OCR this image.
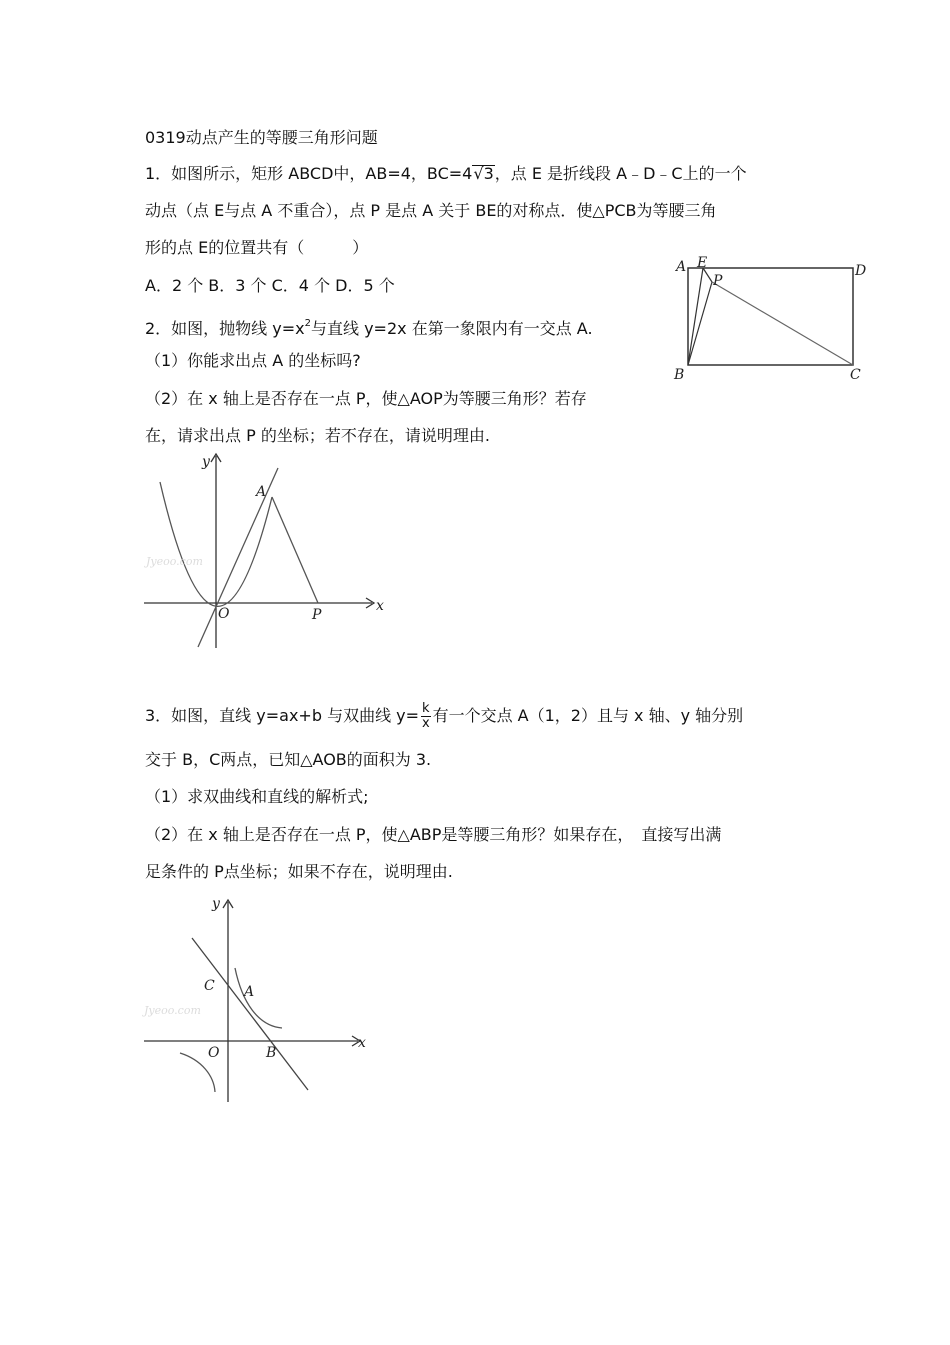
0319动点产生的等腰三角形问题
1．如图所示，矩形 ABCD中，AB=4，BC=4√3，点 E 是折线段 A﹣D﹣C上的一个
动点（点 E与点 A 不重合），点 P 是点 A 关于 BE的对称点．使△PCB为等腰三角
形的点 E的位置共有（　　　）
A．2 个 B．3 个 C．4 个 D．5 个
A E	D
P
B	C
2．如图，抛物线 $y=x^2$与直线 y=2x 在第一象限内有一交点 A.
（1）你能求出点 A 的坐标吗?
（2）在 x 轴上是否存在一点 P，使△AOP为等腰三角形？若存
在，请求出点 P 的坐标；若不存在，请说明理由.
Jyeoo.com
y
x
A
O	P
3．如图，直线 y=ax+b 与双曲线 $y= \frac{k}{x}$ 有一个交点 A（1，2）且与 x 轴、y 轴分别
交于 B，C两点，已知△AOB的面积为 3.
（1）求双曲线和直线的解析式;
（2）在 x 轴上是否存在一点 P，使△ABP是等腰三角形？如果存在，　直接写出满
足条件的 P点坐标；如果不存在，说明理由.
Jyeoo.com
y
x
C A
O	B
